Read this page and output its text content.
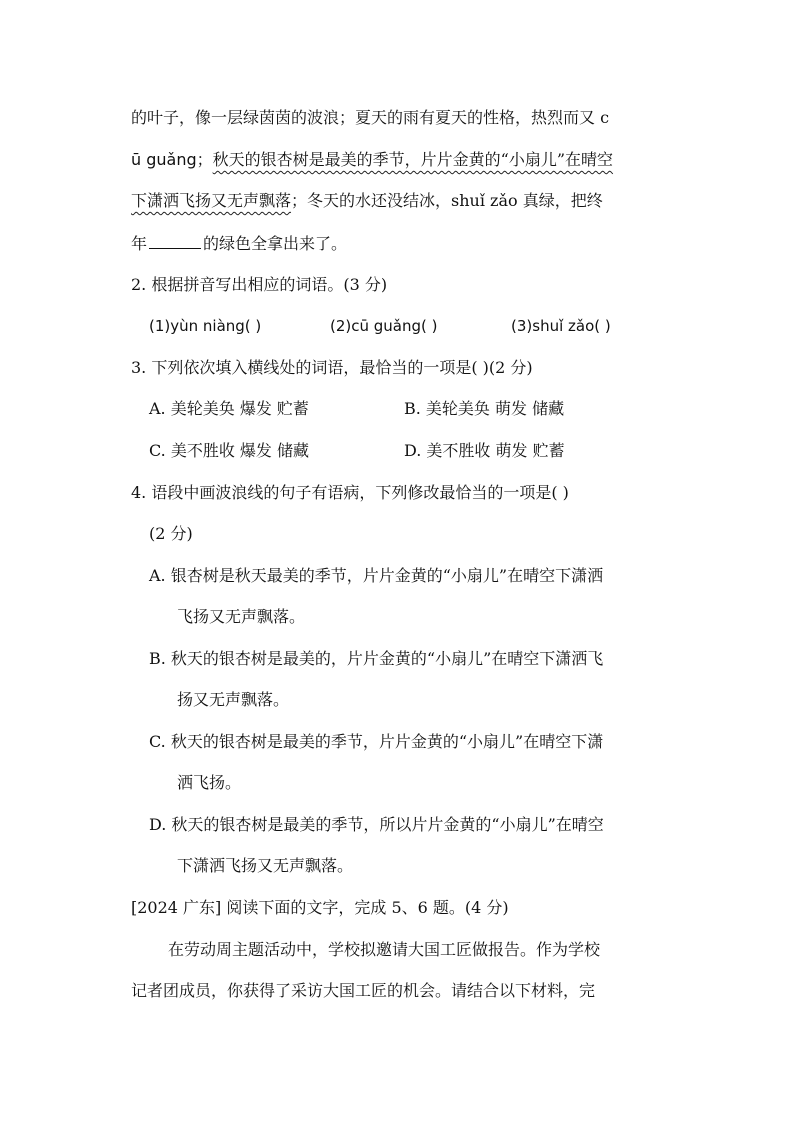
的叶子，像一层绿茵茵的波浪；夏天的雨有夏天的性格，热烈而又 c
ū guǎng；秋天的银杏树是最美的季节，片片金黄的“小扇儿”在晴空
下潇洒飞扬又无声飘落；冬天的水还没结冰，shuǐ zǎo 真绿，把终
年	的绿色全拿出来了。
2. 根据拼音写出相应的词语。(3 分)
(1)yùn niàng( )	(2)cū guǎng( )	(3)shuǐ zǎo( )
3. 下列依次填入横线处的词语，最恰当的一项是( )(2 分)
A. 美轮美奂 爆发 贮蓄	B. 美轮美奂 萌发 储藏
C. 美不胜收 爆发 储藏	D. 美不胜收 萌发 贮蓄
4. 语段中画波浪线的句子有语病，下列修改最恰当的一项是( )
(2 分)
A. 银杏树是秋天最美的季节，片片金黄的“小扇儿”在晴空下潇洒
飞扬又无声飘落。
B. 秋天的银杏树是最美的，片片金黄的“小扇儿”在晴空下潇洒飞
扬又无声飘落。
C. 秋天的银杏树是最美的季节，片片金黄的“小扇儿”在晴空下潇
洒飞扬。
D. 秋天的银杏树是最美的季节，所以片片金黄的“小扇儿”在晴空
下潇洒飞扬又无声飘落。
[2024 广东] 阅读下面的文字，完成 5、6 题。(4 分)
在劳动周主题活动中，学校拟邀请大国工匠做报告。作为学校
记者团成员，你获得了采访大国工匠的机会。请结合以下材料，完
